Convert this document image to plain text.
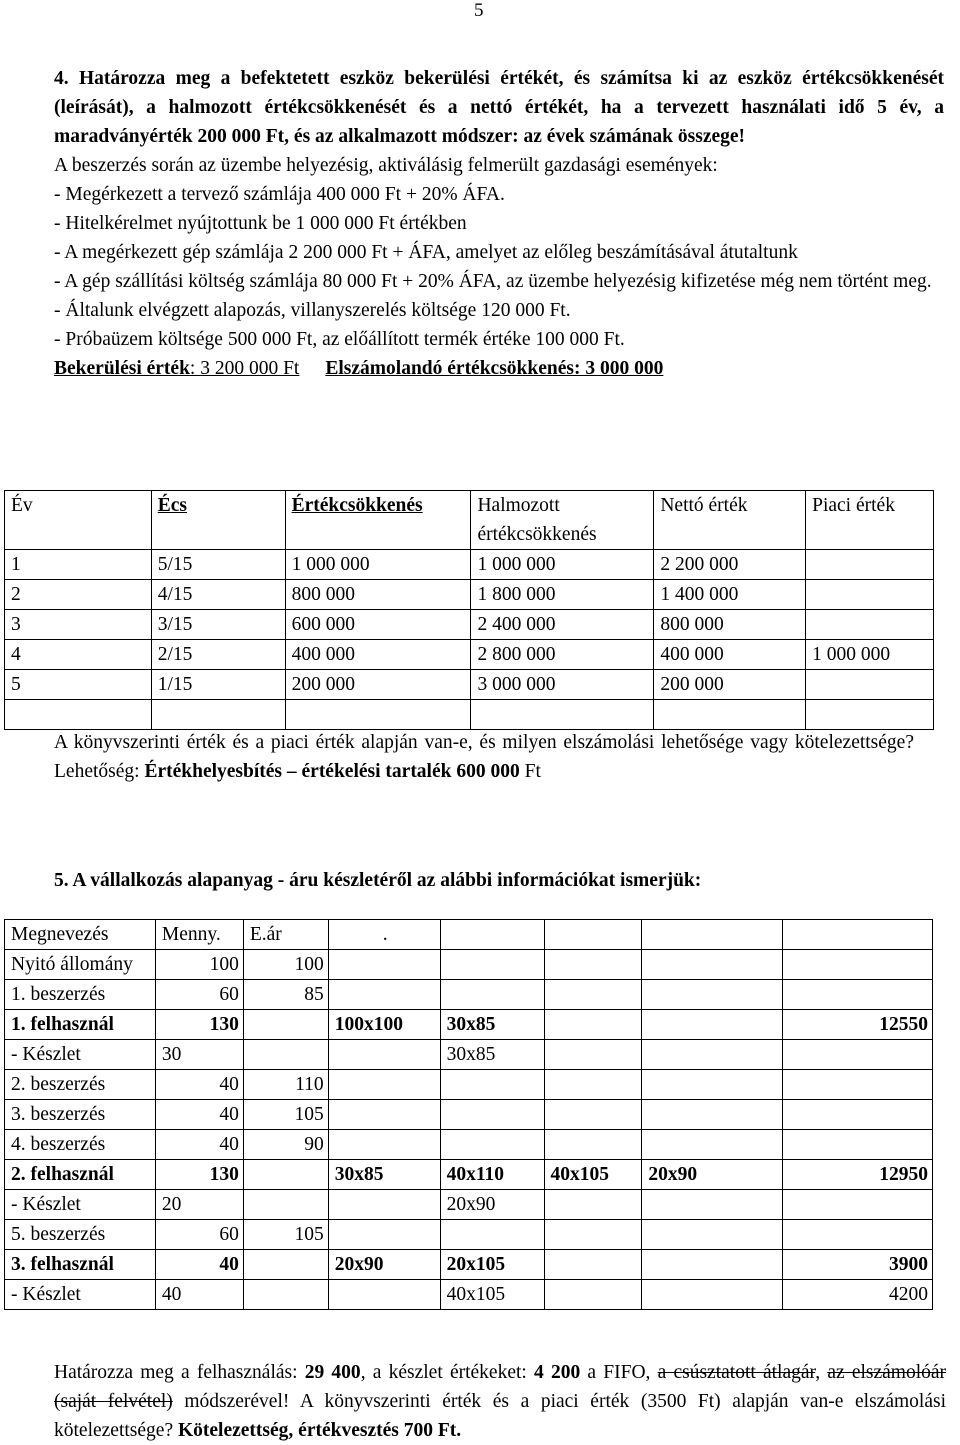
5
4. Határozza meg a befektetett eszköz bekerülési értékét, és számítsa ki az eszköz értékcsökkenését (leírását), a halmozott értékcsökkenését és a nettó értékét, ha a tervezett használati idő 5 év, a maradványérték 200 000 Ft, és az alkalmazott módszer: az évek számának összege!
A beszerzés során az üzembe helyezésig, aktiválásig felmerült gazdasági események:
- Megérkezett a tervező számlája 400 000 Ft + 20% ÁFA.
- Hitelkérelmet nyújtottunk be 1 000 000 Ft értékben
- A megérkezett gép számlája 2 200 000 Ft + ÁFA, amelyet az előleg beszámításával átutaltunk
- A gép szállítási költség számlája 80 000 Ft + 20% ÁFA, az üzembe helyezésig kifizetése még nem történt meg.
- Általunk elvégzett alapozás, villanyszerelés költsége 120 000 Ft.
- Próbaüzem költsége 500 000 Ft, az előállított termék értéke 100 000 Ft.
Bekerülési érték: 3 200 000 Ft Elszámolandó értékcsökkenés: 3 000 000
Év	Écs	Értékcsökkenés	Halmozott értékcsökkenés	Nettó érték	Piaci érték
1	5/15	1 000 000	1 000 000	2 200 000	
2	4/15	800 000	1 800 000	1 400 000	
3	3/15	600 000	2 400 000	800 000	
4	2/15	400 000	2 800 000	400 000	1 000 000
5	1/15	200 000	3 000 000	200 000	

A könyvszerinti érték és a piaci érték alapján van-e, és milyen elszámolási lehetősége vagy kötelezettsége? Lehetőség: Értékhelyesbítés – értékelési tartalék 600 000 Ft
5. A vállalkozás alapanyag - áru készletéről az alábbi információkat ismerjük:
Megnevezés	Menny.	E.ár	.				
Nyitó állomány	100	100					
1. beszerzés	60	85					
1. felhasznál	130		100x100	30x85			12550
- Készlet	30			30x85			
2. beszerzés	40	110					
3. beszerzés	40	105					
4. beszerzés	40	90					
2. felhasznál	130		30x85	40x110	40x105	20x90	12950
- Készlet	20			20x90			
5. beszerzés	60	105					
3. felhasznál	40		20x90	20x105			3900
- Készlet	40			40x105			4200
Határozza meg a felhasználás: 29 400, a készlet értékeket: 4 200 a FIFO, a csúsztatott átlagár, az elszámolóár (saját felvétel) módszerével! A könyvszerinti érték és a piaci érték (3500 Ft) alapján van-e elszámolási kötelezettsége? Kötelezettség, értékvesztés 700 Ft.
